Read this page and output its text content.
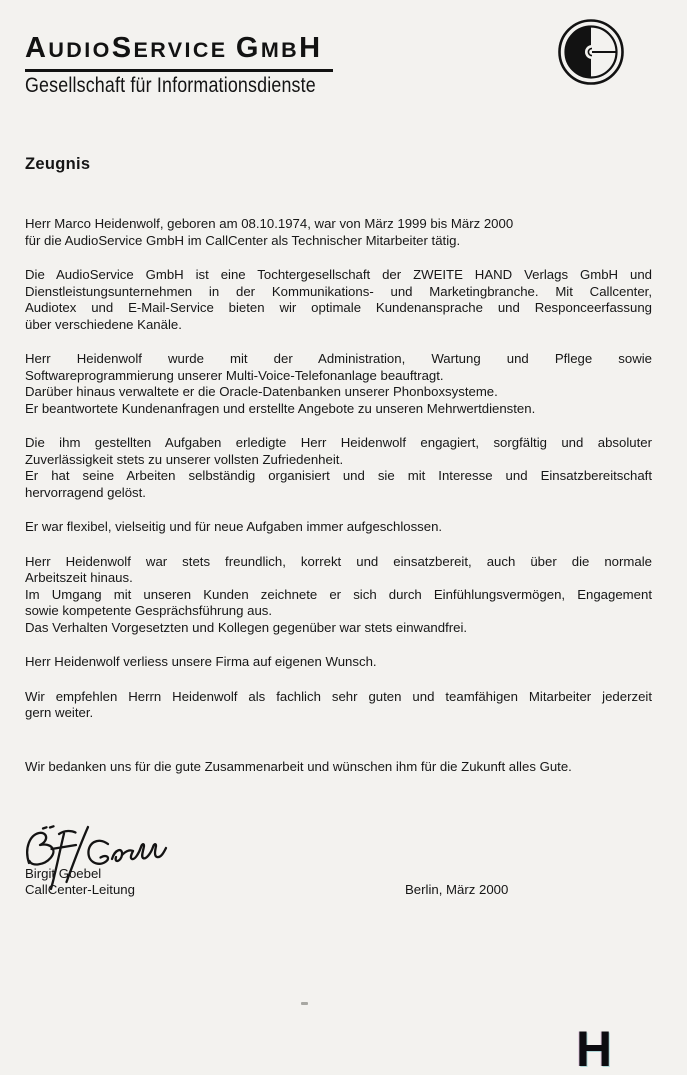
AUDIOSERVICE GMBH
Gesellschaft für Informationsdienste
Zeugnis
Herr Marco Heidenwolf, geboren am 08.10.1974, war von März 1999 bis März 2000
für die AudioService GmbH im CallCenter als Technischer Mitarbeiter tätig.
Die AudioService GmbH ist eine Tochtergesellschaft der ZWEITE HAND Verlags GmbH und
Dienstleistungsunternehmen in der Kommunikations- und Marketingbranche. Mit Callcenter,
Audiotex und E-Mail-Service bieten wir optimale Kundenansprache und Responceerfassung
über verschiedene Kanäle.
Herr Heidenwolf wurde mit der Administration, Wartung und Pflege sowie
Softwareprogrammierung unserer Multi-Voice-Telefonanlage beauftragt.
Darüber hinaus verwaltete er die Oracle-Datenbanken unserer Phonboxsysteme.
Er beantwortete Kundenanfragen und erstellte Angebote zu unseren Mehrwertdiensten.
Die ihm gestellten Aufgaben erledigte Herr Heidenwolf engagiert, sorgfältig und absoluter
Zuverlässigkeit stets zu unserer vollsten Zufriedenheit.
Er hat seine Arbeiten selbständig organisiert und sie mit Interesse und Einsatzbereitschaft
hervorragend gelöst.
Er war flexibel, vielseitig und für neue Aufgaben immer aufgeschlossen.
Herr Heidenwolf war stets freundlich, korrekt und einsatzbereit, auch über die normale
Arbeitszeit hinaus.
Im Umgang mit unseren Kunden zeichnete er sich durch Einfühlungsvermögen, Engagement
sowie kompetente Gesprächsführung aus.
Das Verhalten Vorgesetzten und Kollegen gegenüber war stets einwandfrei.
Herr Heidenwolf verliess unsere Firma auf eigenen Wunsch.
Wir empfehlen Herrn Heidenwolf als fachlich sehr guten und teamfähigen Mitarbeiter jederzeit
gern weiter.
Wir bedanken uns für die gute Zusammenarbeit und wünschen ihm für die Zukunft alles Gute.
Birgit Goebel
CallCenter-Leitung	Berlin, März 2000
H
